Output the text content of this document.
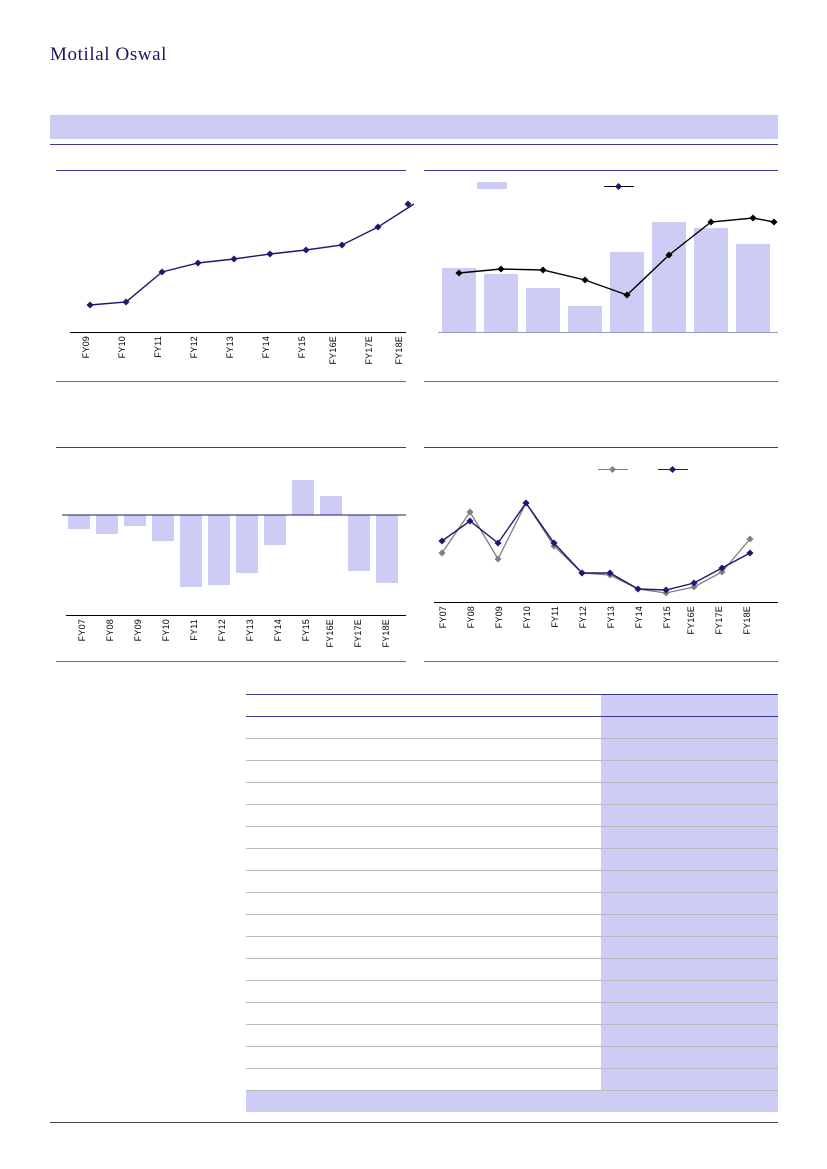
Motilal Oswal
FY09	FY10	FY11	FY12	FY13	FY14	FY15 FY16E	FY17E FY18E
FY07 FY08 FY09 FY10 FY11 FY12 FY13 FY14 FY15 FY16E FY17E FY18E
FY07 FY08 FY09 FY10 FY11 FY12 FY13 FY14 FY15 FY16E FY17E FY18E
